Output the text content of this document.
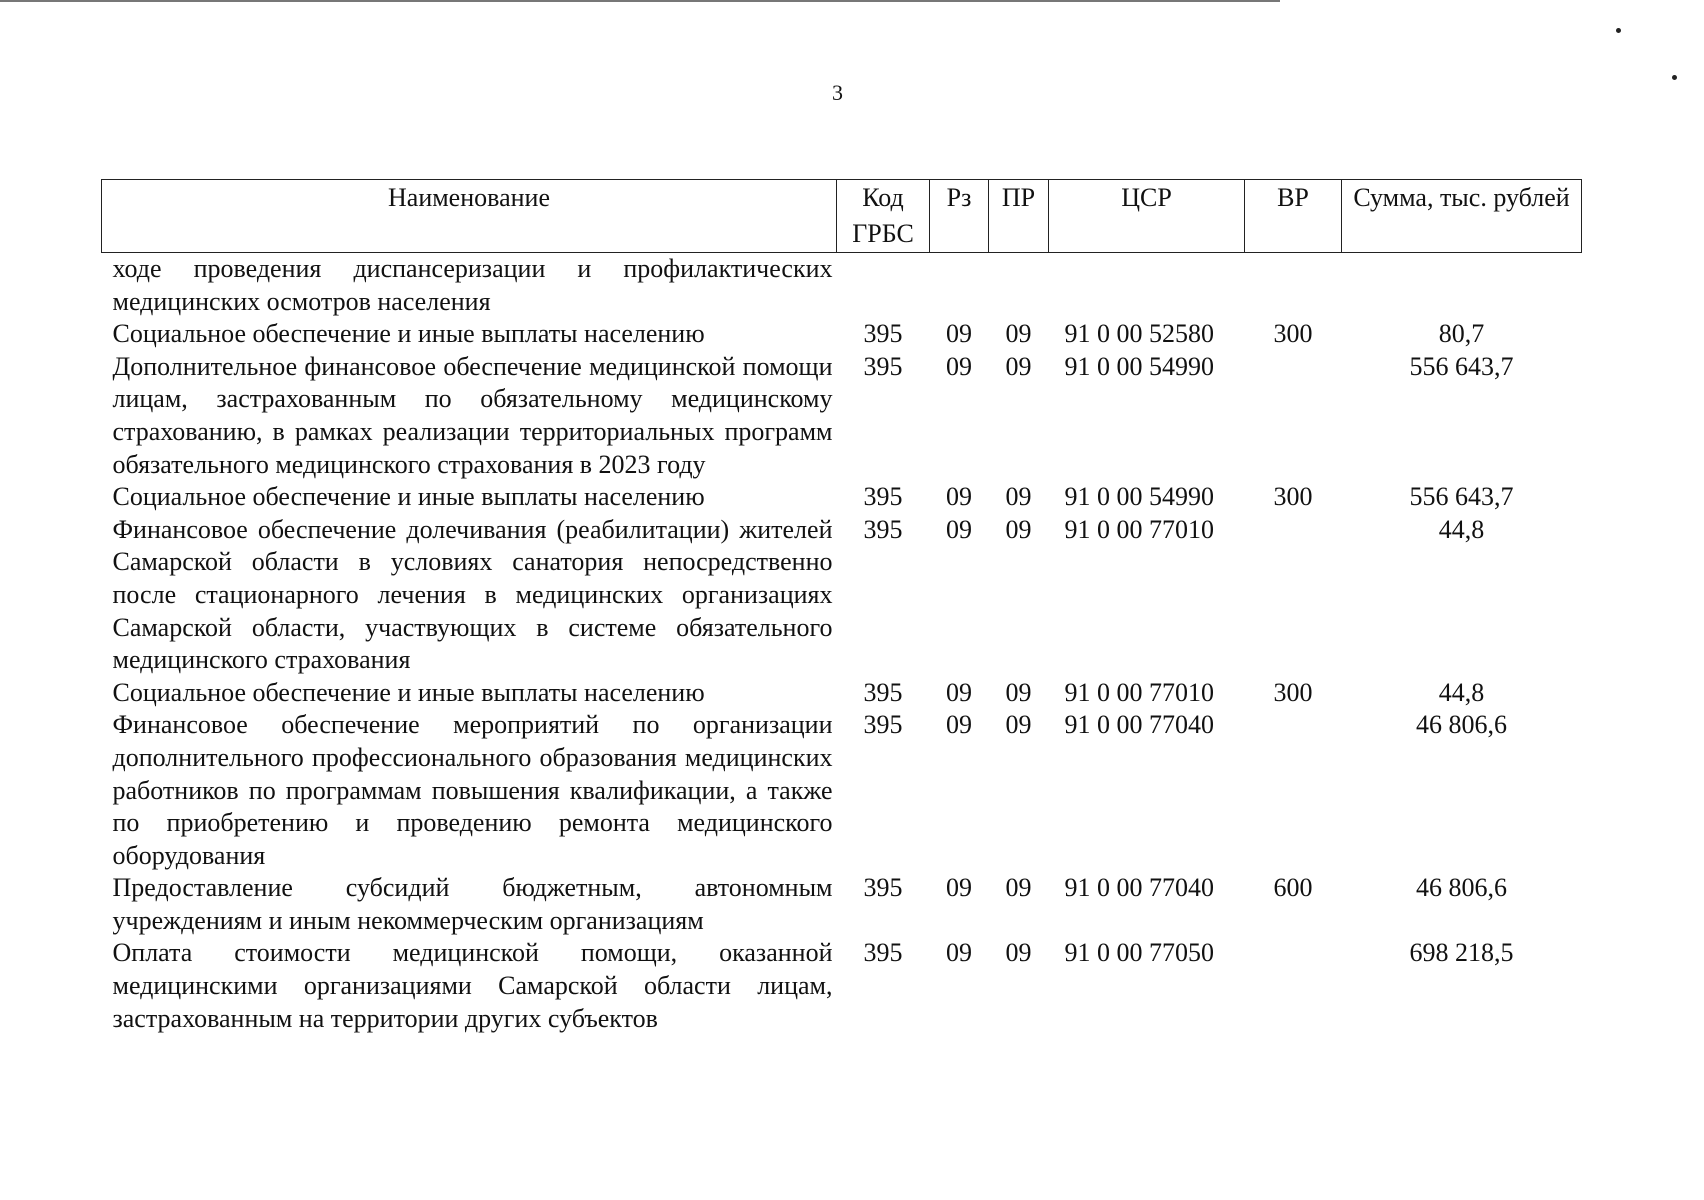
3
Наименование	Код ГРБС	Рз	ПР	ЦСР	ВР	Сумма, тыс. рублей
ходе проведения диспансеризации и профилактических медицинских осмотров населения						
Социальное обеспечение и иные выплаты населению	395	09	09	91 0 00 52580	300	80,7
Дополнительное финансовое обеспечение медицинской помощи лицам, застрахованным по обязательному медицинскому страхованию, в рамках реализации территориальных программ обязательного медицинского страхования в 2023 году	395	09	09	91 0 00 54990		556 643,7
Социальное обеспечение и иные выплаты населению	395	09	09	91 0 00 54990	300	556 643,7
Финансовое обеспечение долечивания (реабилитации) жителей Самарской области в условиях санатория непосредственно после стационарного лечения в медицинских организациях Самарской области, участвующих в системе обязательного медицинского страхования	395	09	09	91 0 00 77010		44,8
Социальное обеспечение и иные выплаты населению	395	09	09	91 0 00 77010	300	44,8
Финансовое обеспечение мероприятий по организации дополнительного профессионального образования медицинских работников по программам повышения квалификации, а также по приобретению и проведению ремонта медицинского оборудования	395	09	09	91 0 00 77040		46 806,6
Предоставление субсидий бюджетным, автономным учреждениям и иным некоммерческим организациям	395	09	09	91 0 00 77040	600	46 806,6
Оплата стоимости медицинской помощи, оказанной медицинскими организациями Самарской области лицам, застрахованным на территории других субъектов	395	09	09	91 0 00 77050		698 218,5
